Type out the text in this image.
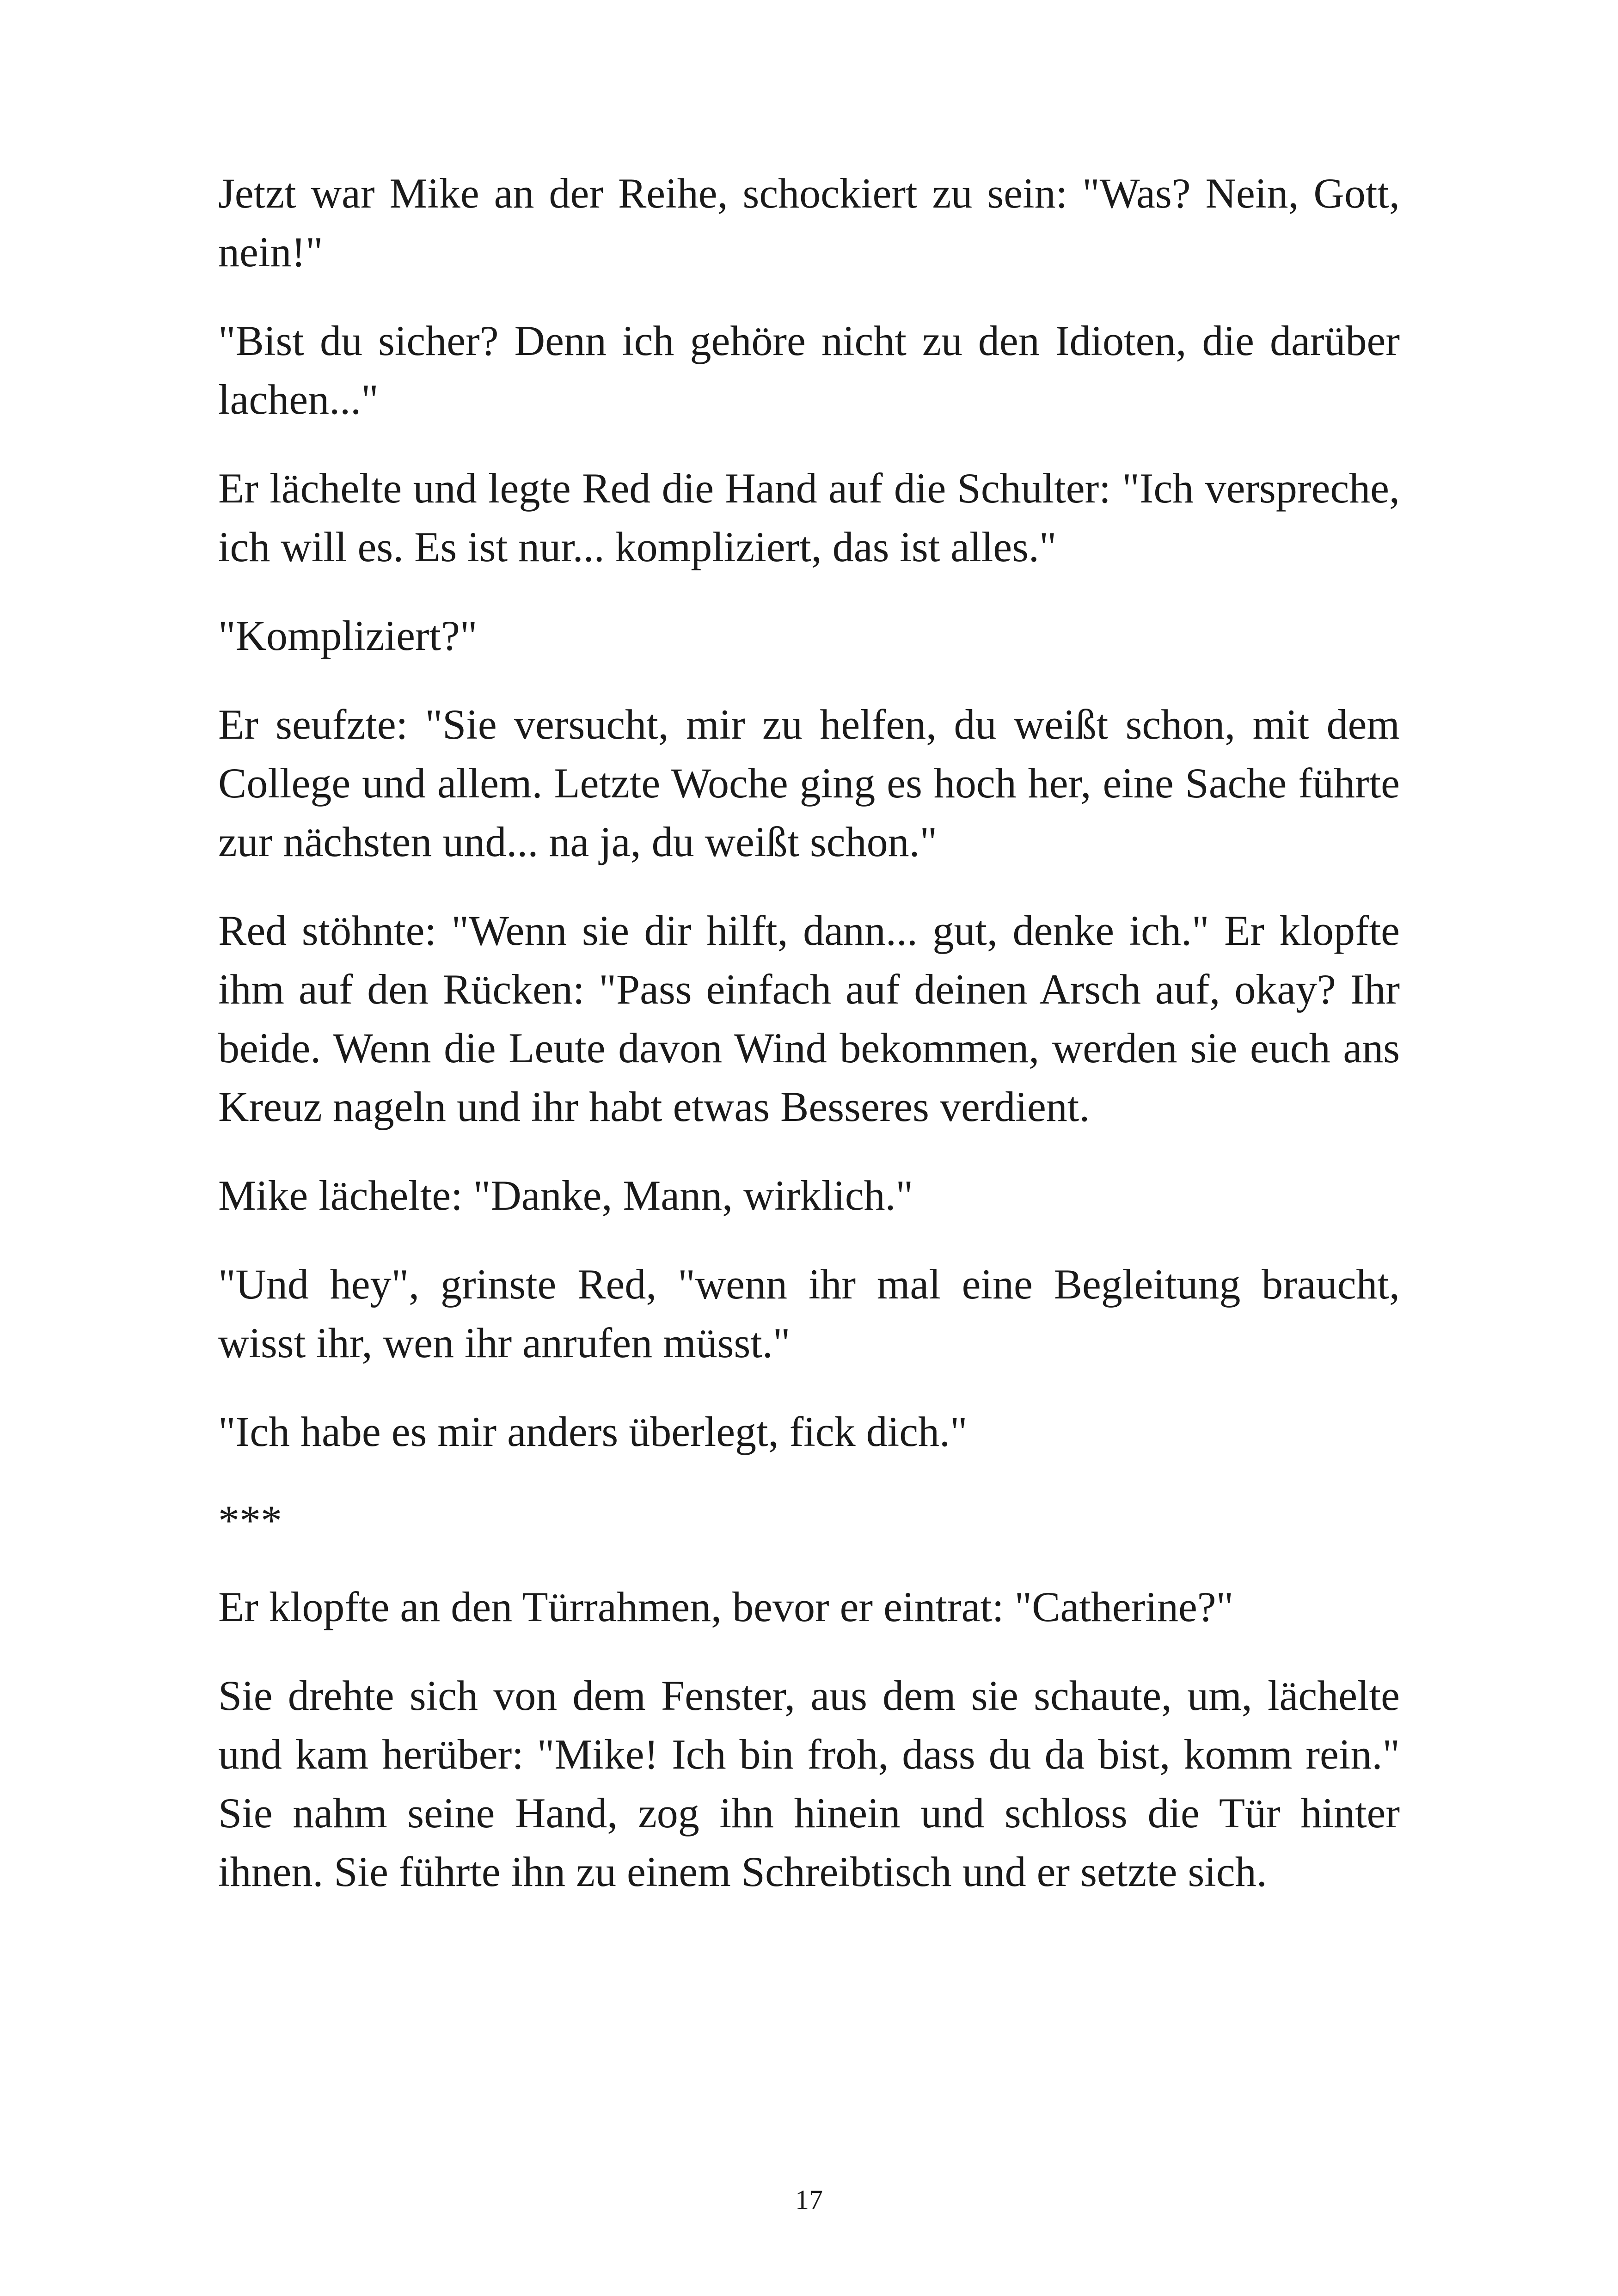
Jetzt war Mike an der Reihe, schockiert zu sein: "Was? Nein, Gott, nein!"

"Bist du sicher? Denn ich gehöre nicht zu den Idioten, die darüber lachen..."

Er lächelte und legte Red die Hand auf die Schulter: "Ich verspreche, ich will es. Es ist nur... kompliziert, das ist alles."

"Kompliziert?"

Er seufzte: "Sie versucht, mir zu helfen, du weißt schon, mit dem College und allem. Letzte Woche ging es hoch her, eine Sache führte zur nächsten und... na ja, du weißt schon."

Red stöhnte: "Wenn sie dir hilft, dann... gut, denke ich." Er klopfte ihm auf den Rücken: "Pass einfach auf deinen Arsch auf, okay? Ihr beide. Wenn die Leute davon Wind bekommen, werden sie euch ans Kreuz nageln und ihr habt etwas Besseres verdient.

Mike lächelte: "Danke, Mann, wirklich."

"Und hey", grinste Red, "wenn ihr mal eine Begleitung braucht, wisst ihr, wen ihr anrufen müsst."

"Ich habe es mir anders überlegt, fick dich."

***

Er klopfte an den Türrahmen, bevor er eintrat: "Catherine?"

Sie drehte sich von dem Fenster, aus dem sie schaute, um, lächelte und kam herüber: "Mike! Ich bin froh, dass du da bist, komm rein." Sie nahm seine Hand, zog ihn hinein und schloss die Tür hinter ihnen. Sie führte ihn zu einem Schreibtisch und er setzte sich.

17
